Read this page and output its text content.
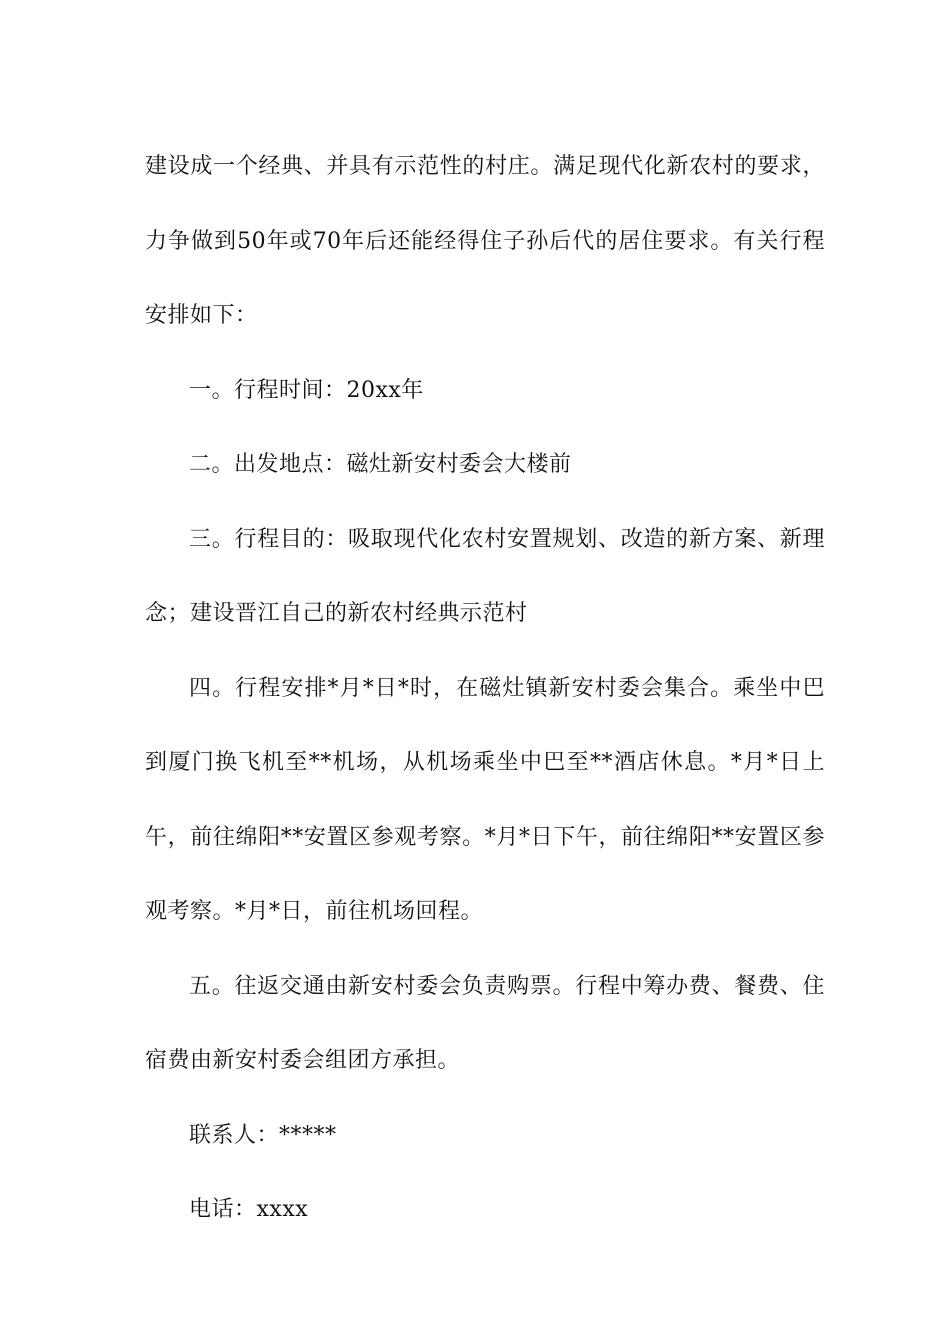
建设成一个经典、并具有示范性的村庄。满足现代化新农村的要求，力争做到50年或70年后还能经得住子孙后代的居住要求。有关行程安排如下：

一。行程时间：20xx年

二。出发地点：磁灶新安村委会大楼前

三。行程目的：吸取现代化农村安置规划、改造的新方案、新理念；建设晋江自己的新农村经典示范村

四。行程安排*月*日*时，在磁灶镇新安村委会集合。乘坐中巴到厦门换飞机至**机场，从机场乘坐中巴至**酒店休息。*月*日上午，前往绵阳**安置区参观考察。*月*日下午，前往绵阳**安置区参观考察。*月*日，前往机场回程。

五。往返交通由新安村委会负责购票。行程中筹办费、餐费、住宿费由新安村委会组团方承担。

联系人：*****

电话：xxxx
